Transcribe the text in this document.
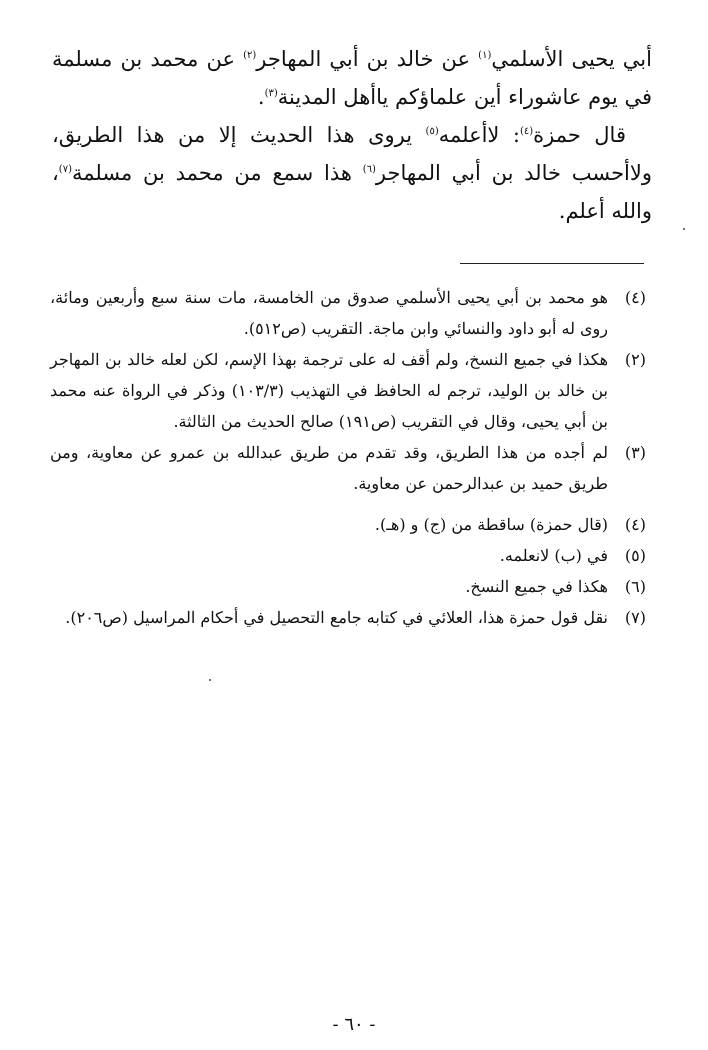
أبي يحيى الأسلمي$^{(١)}$ عن خالد بن أبي المهاجر$^{(٢)}$ عن محمد بن مسلمة في يوم عاشوراء أين علماؤكم ياأهل المدينة$^{(٣)}$.

قال حمزة$^{(٤)}$: لاأعلمه$^{(٥)}$ يروى هذا الحديث إلا من هذا الطريق، ولاأحسب خالد بن أبي المهاجر$^{(٦)}$ هذا سمع من محمد بن مسلمة$^{(٧)}$، والله أعلم.

(٤)
هو محمد بن أبي يحيى الأسلمي صدوق من الخامسة، مات سنة سبع وأربعين ومائة، روى له أبو داود والنسائي وابن ماجة. التقريب (ص٥١٢).
(٢)
هكذا في جميع النسخ، ولم أقف له على ترجمة بهذا الإسم، لكن لعله خالد بن المهاجر بن خالد بن الوليد، ترجم له الحافظ في التهذيب (١٠٣/٣) وذكر في الرواة عنه محمد بن أبي يحيى، وقال في التقريب (ص١٩١) صالح الحديث من الثالثة.
(٣)
لم أجده من هذا الطريق، وقد تقدم من طريق عبدالله بن عمرو عن معاوية، ومن طريق حميد بن عبدالرحمن عن معاوية.
(٤)
(قال حمزة) ساقطة من (ج) و (هـ).
(٥)
في (ب) لانعلمه.
(٦)
هكذا في جميع النسخ.
(٧)
نقل قول حمزة هذا، العلائي في كتابه جامع التحصيل في أحكام المراسيل (ص٢٠٦).
- ٦٠ -
